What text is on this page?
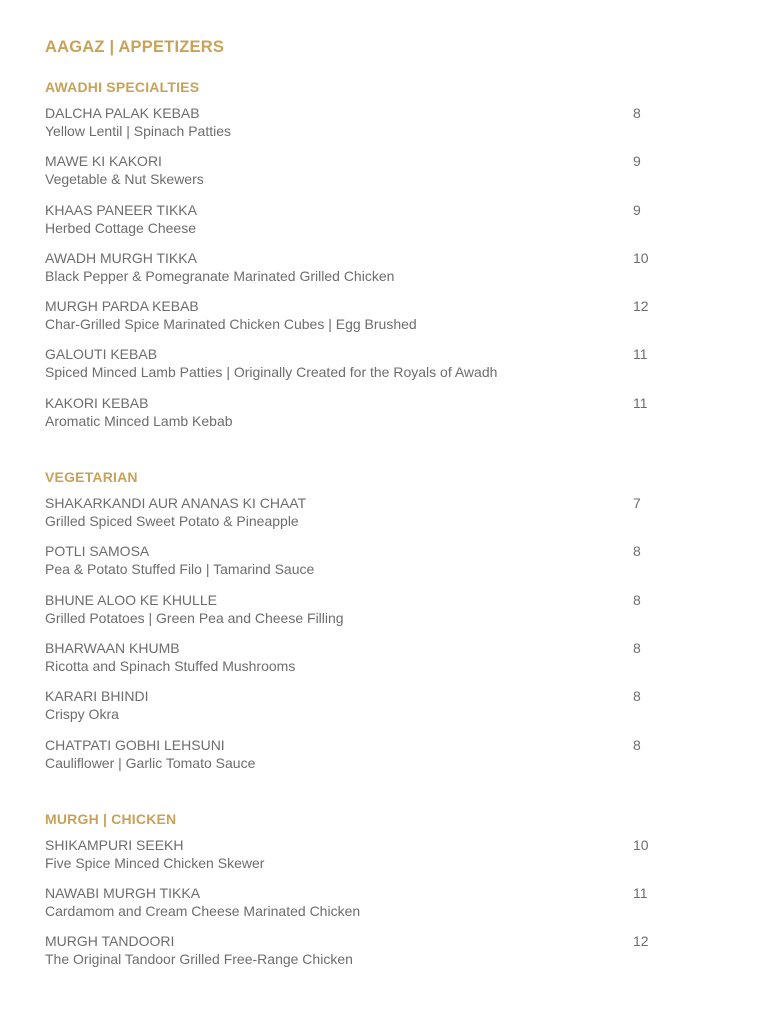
AAGAZ | APPETIZERS
AWADHI SPECIALTIES
DALCHA PALAK KEBAB
Yellow Lentil | Spinach Patties
8
MAWE KI KAKORI
Vegetable & Nut Skewers
9
KHAAS PANEER TIKKA
Herbed Cottage Cheese
9
AWADH MURGH TIKKA
Black Pepper & Pomegranate Marinated Grilled Chicken
10
MURGH PARDA KEBAB
Char-Grilled Spice Marinated Chicken Cubes | Egg Brushed
12
GALOUTI KEBAB
Spiced Minced Lamb Patties | Originally Created for the Royals of Awadh
11
KAKORI KEBAB
Aromatic Minced Lamb Kebab
11
VEGETARIAN
SHAKARKANDI AUR ANANAS KI CHAAT
Grilled Spiced Sweet Potato & Pineapple
7
POTLI SAMOSA
Pea & Potato Stuffed Filo | Tamarind Sauce
8
BHUNE ALOO KE KHULLE
Grilled Potatoes | Green Pea and Cheese Filling
8
BHARWAAN KHUMB
Ricotta and Spinach Stuffed Mushrooms
8
KARARI BHINDI
Crispy Okra
8
CHATPATI GOBHI LEHSUNI
Cauliflower | Garlic Tomato Sauce
8
MURGH | CHICKEN
SHIKAMPURI SEEKH
Five Spice Minced Chicken Skewer
10
NAWABI MURGH TIKKA
Cardamom and Cream Cheese Marinated Chicken
11
MURGH TANDOORI
The Original Tandoor Grilled Free-Range Chicken
12
